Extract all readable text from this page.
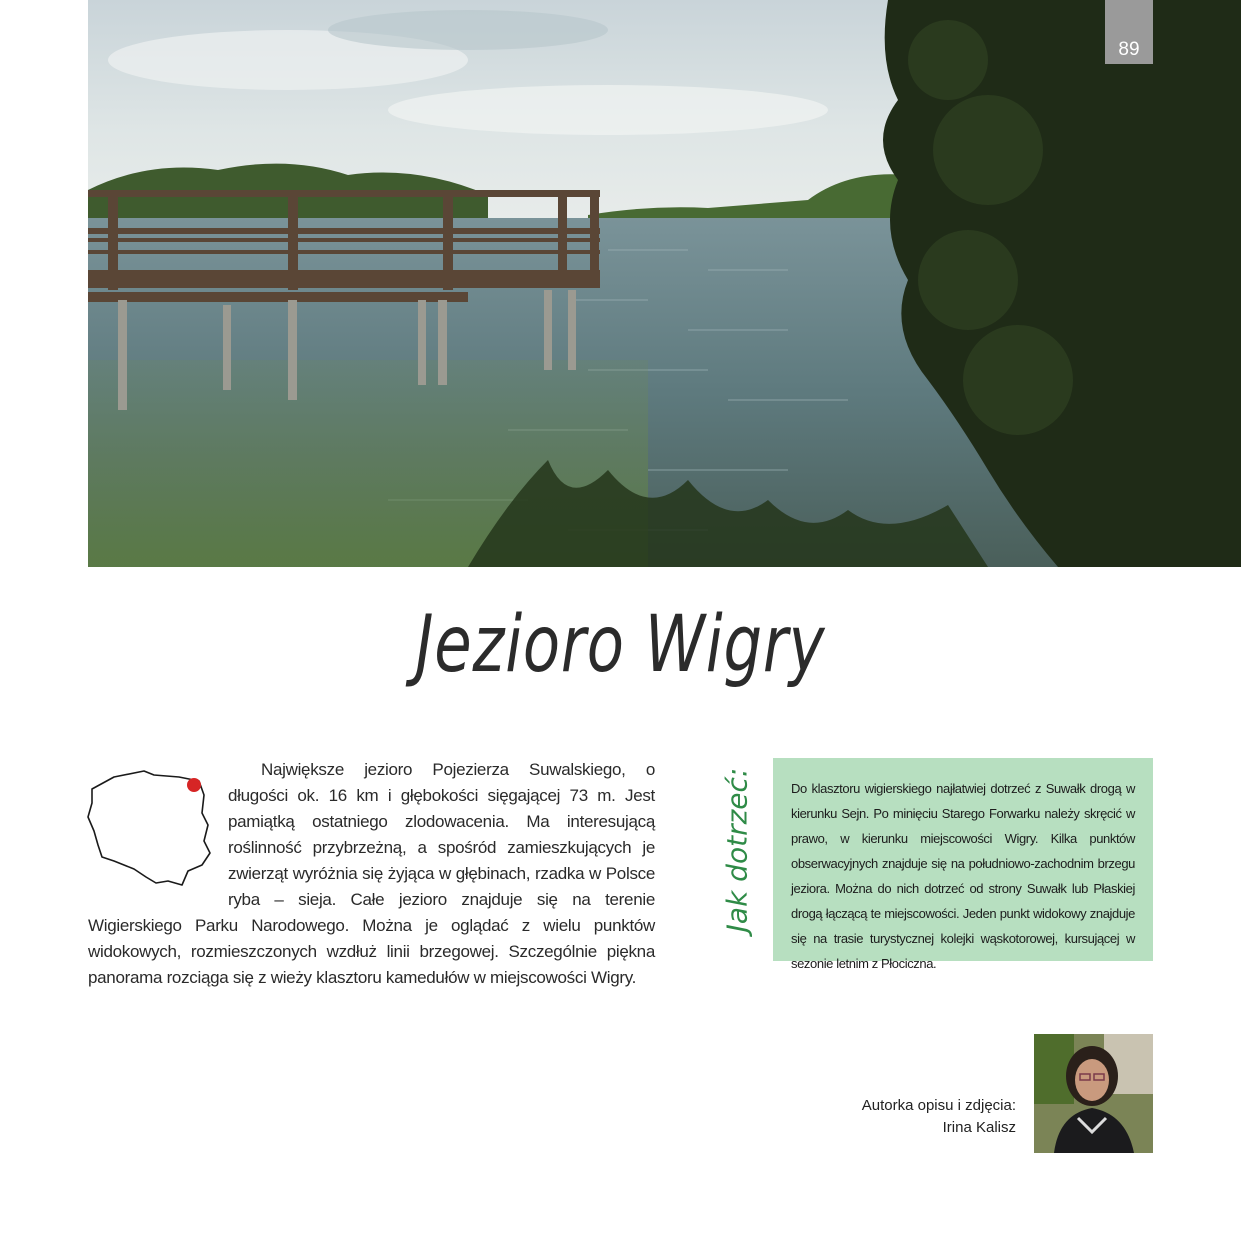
89
Jezioro Wigry

Największe jezioro Pojezierza Suwalskiego, o długości ok. 16 km i głębokości sięgającej 73 m. Jest pamiątką ostatniego zlodowacenia. Ma interesującą roślinność przybrzeżną, a spośród zamieszkujących je zwierząt wyróżnia się żyjąca w głębinach, rzadka w Polsce ryba – sieja. Całe jezioro znajduje się na terenie Wigierskiego Parku Narodowego. Można je oglądać z wielu punktów widokowych, rozmieszczonych wzdłuż linii brzegowej. Szczególnie piękna panorama rozciąga się z wieży klasztoru kamedułów w miejscowości Wigry.

Jak dotrzeć:	Do klasztoru wigierskiego najłatwiej dotrzeć z Suwałk drogą w kierunku Sejn. Po minięciu Starego Forwarku należy skręcić w prawo, w kierunku miejscowości Wigry. Kilka punktów obserwacyjnych znajduje się na południowo-zachodnim brzegu jeziora. Można do nich dotrzeć od strony Suwałk lub Płaskiej drogą łączącą te miejscowości. Jeden punkt widokowy znajduje się na trasie turystycznej kolejki wąskotorowej, kursującej w sezonie letnim z Płociczna.
Autorka opisu i zdjęcia:
Irina Kalisz
